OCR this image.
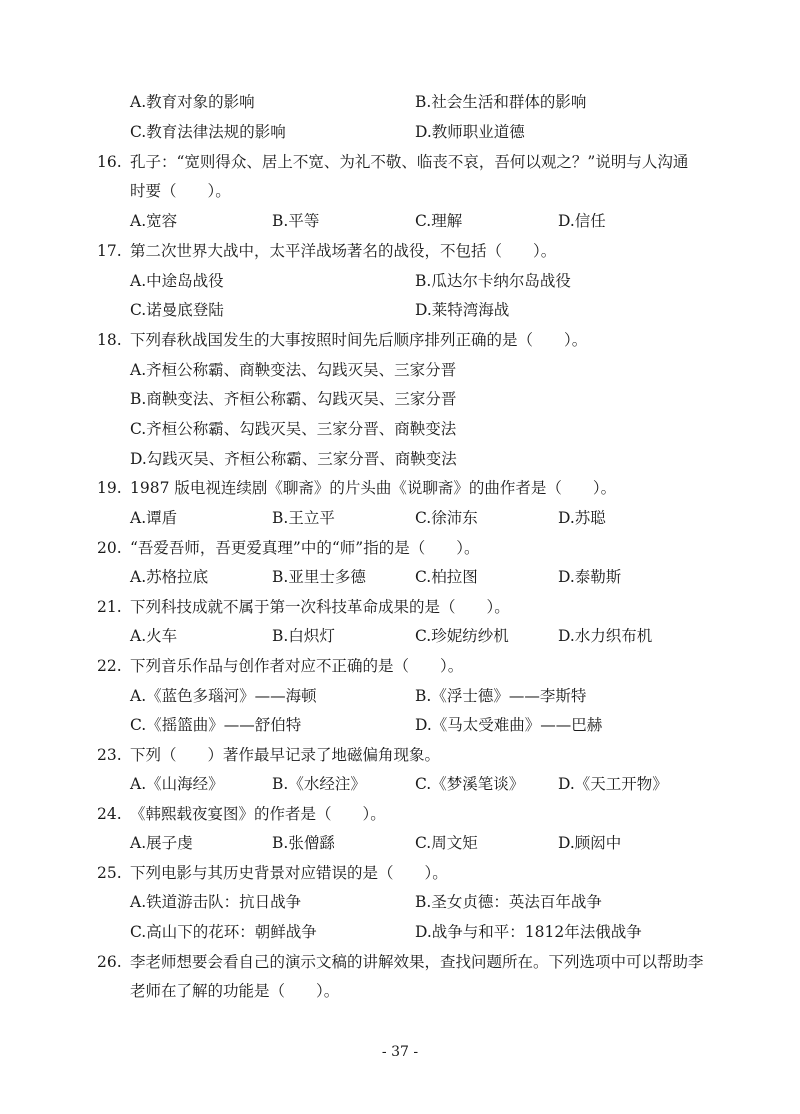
A.教育对象的影响	B.社会生活和群体的影响
C.教育法律法规的影响	D.教师职业道德
16. 孔子：“宽则得众、居上不宽、为礼不敬、临丧不哀，吾何以观之？”说明与人沟通
时要（　　）。
A.宽容	B.平等	C.理解	D.信任
17. 第二次世界大战中，太平洋战场著名的战役，不包括（　　）。
A.中途岛战役	B.瓜达尔卡纳尔岛战役
C.诺曼底登陆	D.莱特湾海战
18. 下列春秋战国发生的大事按照时间先后顺序排列正确的是（　　）。
A.齐桓公称霸、商鞅变法、勾践灭吴、三家分晋
B.商鞅变法、齐桓公称霸、勾践灭吴、三家分晋
C.齐桓公称霸、勾践灭吴、三家分晋、商鞅变法
D.勾践灭吴、齐桓公称霸、三家分晋、商鞅变法
19. 1987 版电视连续剧《聊斋》的片头曲《说聊斋》的曲作者是（　　）。
A.谭盾	B.王立平	C.徐沛东	D.苏聪
20. “吾爱吾师，吾更爱真理”中的“师”指的是（　　）。
A.苏格拉底	B.亚里士多德	C.柏拉图	D.泰勒斯
21. 下列科技成就不属于第一次科技革命成果的是（　　）。
A.火车	B.白炽灯	C.珍妮纺纱机	D.水力织布机
22. 下列音乐作品与创作者对应不正确的是（　　）。
A.《蓝色多瑙河》——海顿	B.《浮士德》——李斯特
C.《摇篮曲》——舒伯特	D.《马太受难曲》——巴赫
23. 下列（　　）著作最早记录了地磁偏角现象。
A.《山海经》	B.《水经注》	C.《梦溪笔谈》 D.《天工开物》
24. 《韩熙载夜宴图》的作者是（　　）。
A.展子虔	B.张僧繇	C.周文矩	D.顾闳中
25. 下列电影与其历史背景对应错误的是（　　）。
A.铁道游击队：抗日战争	B.圣女贞德：英法百年战争
C.高山下的花环：朝鲜战争	D.战争与和平：1812年法俄战争
26. 李老师想要会看自己的演示文稿的讲解效果，查找问题所在。下列选项中可以帮助李
老师在了解的功能是（　　）。
- 37 -
